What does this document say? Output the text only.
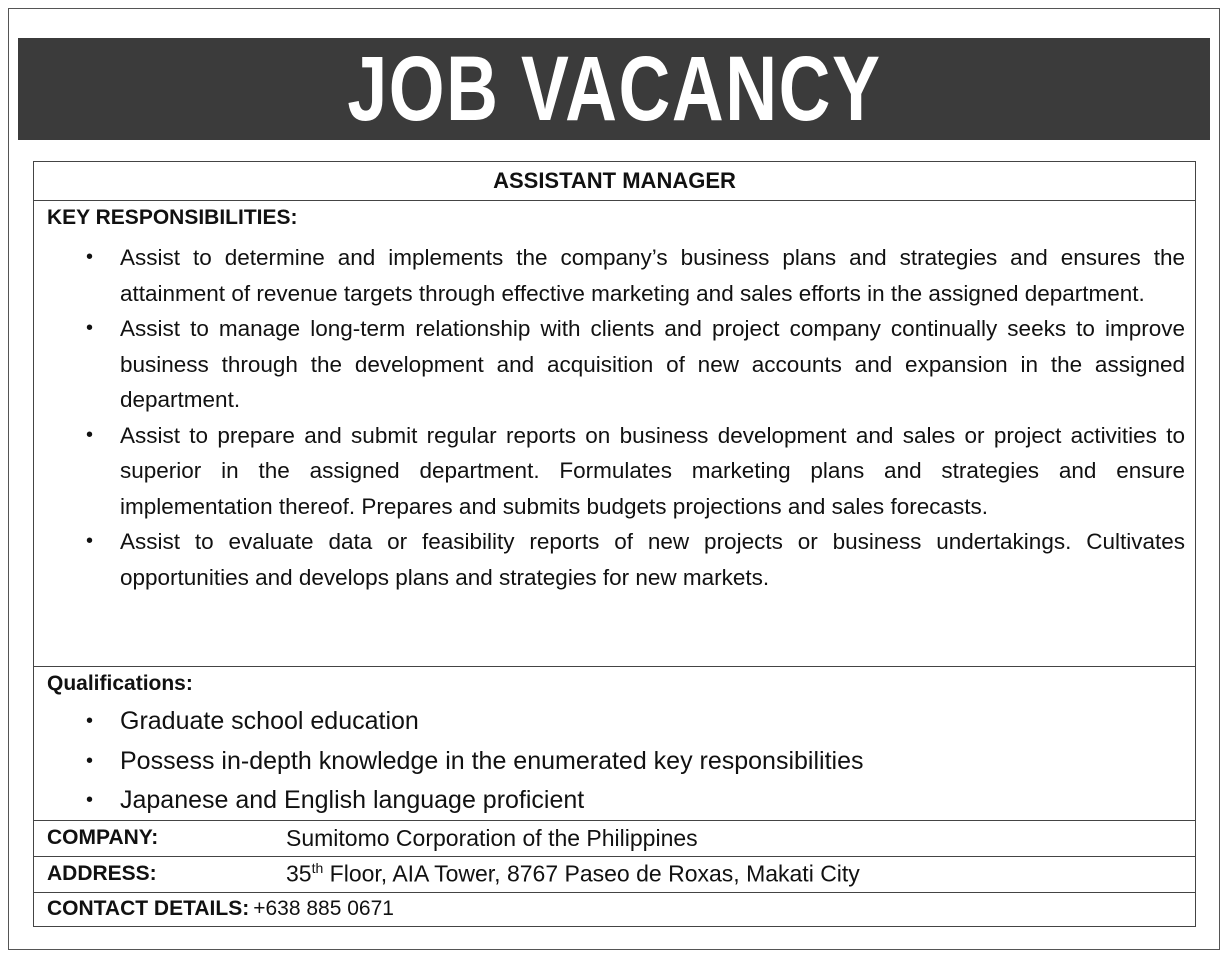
JOB VACANCY
ASSISTANT MANAGER
KEY RESPONSIBILITIES:
• Assist to determine and implements the company’s business plans and strategies and ensures the attainment of revenue targets through effective marketing and sales efforts in the assigned department.
• Assist to manage long-term relationship with clients and project company continually seeks to improve business through the development and acquisition of new accounts and expansion in the assigned department.
• Assist to prepare and submit regular reports on business development and sales or project activities to superior in the assigned department. Formulates marketing plans and strategies and ensure implementation thereof. Prepares and submits budgets projections and sales forecasts.
• Assist to evaluate data or feasibility reports of new projects or business undertakings. Cultivates opportunities and develops plans and strategies for new markets.
Qualifications:
• Graduate school education
• Possess in-depth knowledge in the enumerated key responsibilities
• Japanese and English language proficient
COMPANY:	Sumitomo Corporation of the Philippines
ADDRESS:	35th Floor, AIA Tower, 8767 Paseo de Roxas, Makati City
CONTACT DETAILS: +638 885 0671
